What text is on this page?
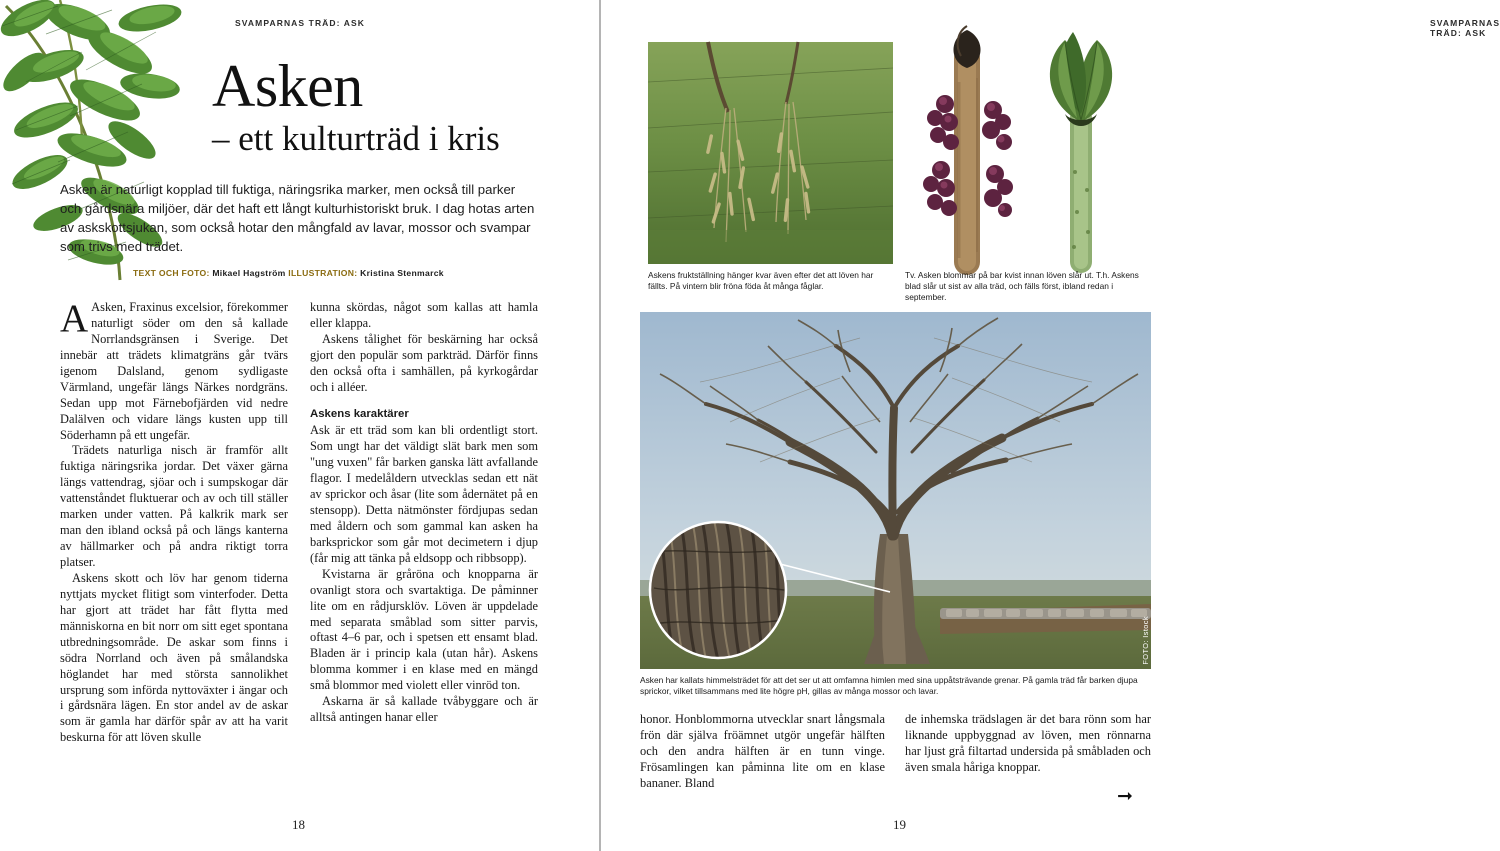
SVAMPARNAS TRÄD: ASK
Asken
– ett kulturträd i kris
Asken är naturligt kopplad till fuktiga, näringsrika marker, men också till parker och gårdsnära miljöer, där det haft ett långt kulturhistoriskt bruk. I dag hotas arten av askskottsjukan, som också hotar den mångfald av lavar, mossor och svampar som trivs med trädet.
TEXT OCH FOTO: Mikael Hagström ILLUSTRATION: Kristina Stenmarck

A Asken, Fraxinus excelsior, förekommer naturligt söder om den så kallade Norrlandsgränsen i Sverige. Det innebär att trädets klimatgräns går tvärs igenom Dalsland, genom sydligaste Värmland, ungefär längs Närkes nordgräns. Sedan upp mot Färnebofjärden vid nedre Dalälven och vidare längs kusten upp till Söderhamn på ett ungefär.

Trädets naturliga nisch är framför allt fuktiga näringsrika jordar. Det växer gärna längs vattendrag, sjöar och i sumpskogar där vattenståndet fluktuerar och av och till ställer marken under vatten. På kalkrik mark ser man den ibland också på och längs kanterna av hällmarker och på andra riktigt torra platser.

Askens skott och löv har genom tiderna nyttjats mycket flitigt som vinterfoder. Detta har gjort att trädet har fått flytta med människorna en bit norr om sitt eget spontana utbredningsområde. De askar som finns i södra Norrland och även på smålandska höglandet har med största sannolikhet ursprung som införda nyttoväxter i ängar och i gårdsnära lägen. En stor andel av de askar som är gamla har därför spår av att ha varit beskurna för att löven skulle

kunna skördas, något som kallas att hamla eller klappa.

Askens tålighet för beskärning har också gjort den populär som parkträd. Därför finns den också ofta i samhällen, på kyrkogårdar och i alléer.

Askens karaktärer

Ask är ett träd som kan bli ordentligt stort. Som ungt har det väldigt slät bark men som "ung vuxen" får barken ganska lätt avfallande flagor. I medelåldern utvecklas sedan ett nät av sprickor och åsar (lite som ådernätet på en stensopp). Detta nätmönster fördjupas sedan med åldern och som gammal kan asken ha barksprickor som går mot decimetern i djup (får mig att tänka på eldsopp och ribbsopp).

Kvistarna är gråröna och knopparna är ovanligt stora och svartaktiga. De påminner lite om en rådjursklöv. Löven är uppdelade med separata småblad som sitter parvis, oftast 4–6 par, och i spetsen ett ensamt blad. Bladen är i princip kala (utan hår). Askens blomma kommer i en klase med en mängd små blommor med violett eller vinröd ton.

Askarna är så kallade tvåbyggare och är alltså antingen hanar eller

18
SVAMPARNAS TRÄD: ASK
Askens fruktställning hänger kvar även efter det att löven har fällts. På vintern blir fröna föda åt många fåglar.
Tv. Asken blommar på bar kvist innan löven slår ut. T.h. Askens blad slår ut sist av alla träd, och fälls först, ibland redan i september.
FOTO: Istock
Asken har kallats himmelsträdet för att det ser ut att omfamna himlen med sina uppåtsträvande grenar. På gamla träd får barken djupa sprickor, vilket tillsammans med lite högre pH, gillas av många mossor och lavar.

honor. Honblommorna utvecklar snart långsmala frön där själva fröämnet utgör ungefär hälften och den andra hälften är en tunn vinge. Frösamlingen kan påminna lite om en klase bananer. Bland

de inhemska trädslagen är det bara rönn som har liknande uppbyggnad av löven, men rönnarna har ljust grå filtartad undersida på småbladen och även smala håriga knoppar.

➞
19
